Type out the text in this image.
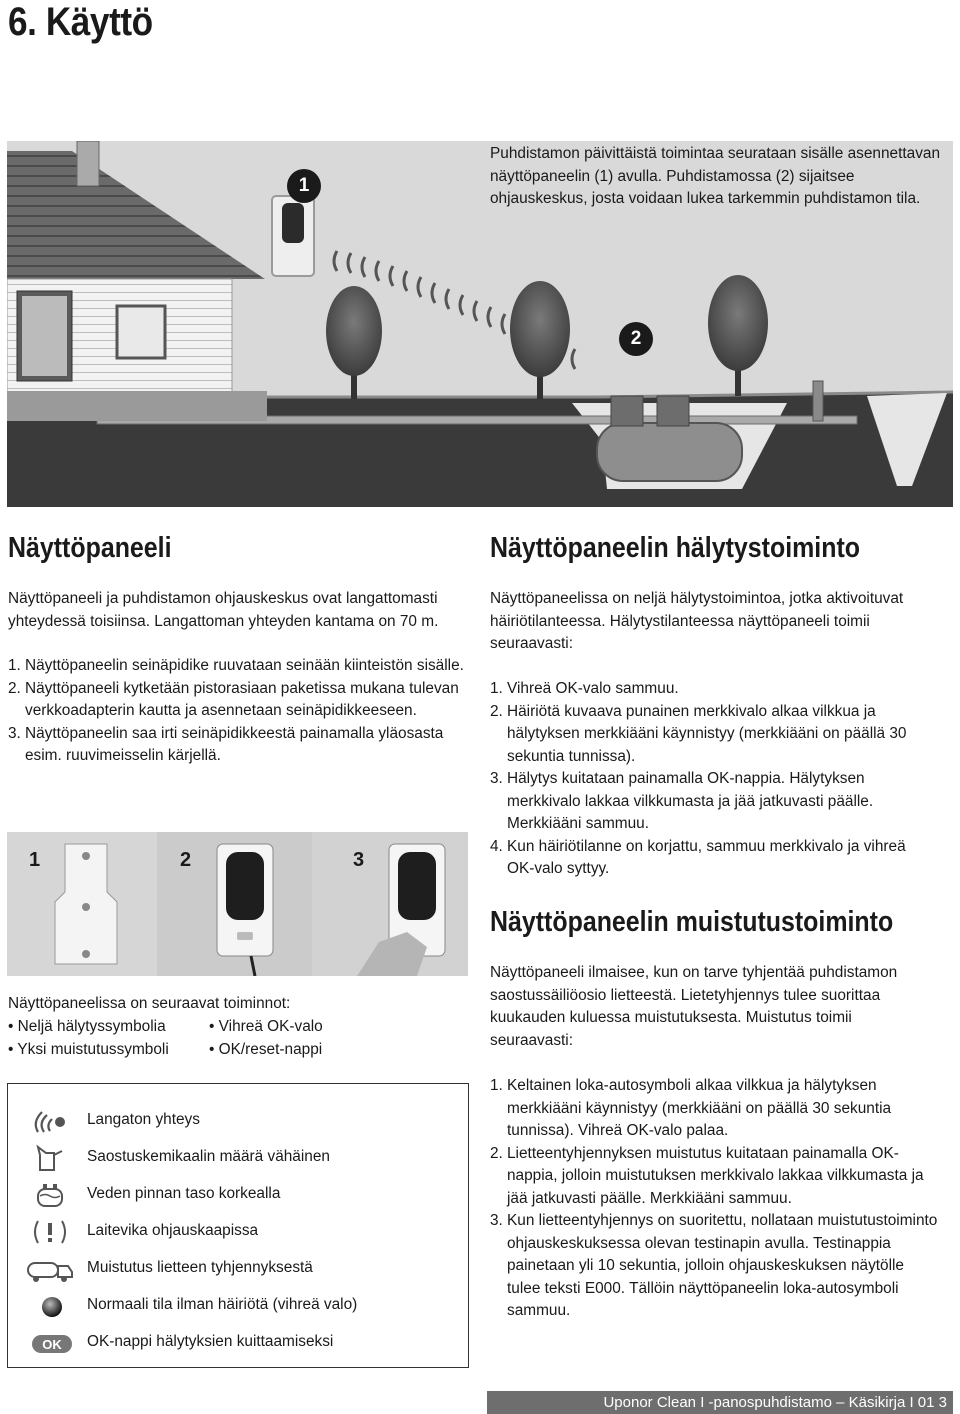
6. Käyttö
1
2
Puhdistamon päivittäistä toimintaa seurataan sisälle asennettavan näyttöpaneelin (1) avulla. Puhdistamossa (2) sijaitsee ohjauskeskus, josta voidaan lukea tarkemmin puhdistamon tila.
Näyttöpaneeli
Näyttöpaneeli ja puhdistamon ohjauskeskus ovat langattomasti yhteydessä toisiinsa. Langattoman yhteyden kantama on 70 m.
1. Näyttöpaneelin seinäpidike ruuvataan seinään kiinteistön sisälle.
2. Näyttöpaneeli kytketään pistorasiaan paketissa mukana tulevan verkkoadapterin kautta ja asennetaan seinäpidikkeeseen.
3. Näyttöpaneelin saa irti seinäpidikkeestä painamalla yläosasta esim. ruuvimeisselin kärjellä.
1	2	3
Näyttöpaneelissa on seuraavat toiminnot:
• Neljä hälytyssymbolia	• Vihreä OK-valo
• Yksi muistutussymboli	• OK/reset-nappi
Langaton yhteys
Saostuskemikaalin määrä vähäinen
Veden pinnan taso korkealla
Laitevika ohjauskaapissa
Muistutus lietteen tyhjennyksestä
Normaali tila ilman häiriötä (vihreä valo)
OK OK-nappi hälytyksien kuittaamiseksi
Näyttöpaneelin hälytystoiminto
Näyttöpaneelissa on neljä hälytystoimintoa, jotka aktivoituvat häiriötilanteessa. Hälytystilanteessa näyttöpaneeli toimii seuraavasti:
1. Vihreä OK-valo sammuu.
2. Häiriötä kuvaava punainen merkkivalo alkaa vilkkua ja hälytyksen merkkiääni käynnistyy (merkkiääni on päällä 30 sekuntia tunnissa).
3. Hälytys kuitataan painamalla OK-nappia. Hälytyksen merkkivalo lakkaa vilkkumasta ja jää jatkuvasti päälle. Merkkiääni sammuu.
4. Kun häiriötilanne on korjattu, sammuu merkkivalo ja vihreä OK-valo syttyy.
Näyttöpaneelin muistutustoiminto
Näyttöpaneeli ilmaisee, kun on tarve tyhjentää puhdistamon saostussäiliöosio lietteestä. Lietetyhjennys tulee suorittaa kuukauden kuluessa muistutuksesta. Muistutus toimii seuraavasti:
1. Keltainen loka-autosymboli alkaa vilkkua ja hälytyksen merkkiääni käynnistyy (merkkiääni on päällä 30 sekuntia tunnissa). Vihreä OK-valo palaa.
2. Lietteentyhjennyksen muistutus kuitataan painamalla OK-nappia, jolloin muistutuksen merkkivalo lakkaa vilkkumasta ja jää jatkuvasti päälle. Merkkiääni sammuu.
3. Kun lietteentyhjennys on suoritettu, nollataan muistutustoiminto ohjauskeskuksessa olevan testinapin avulla. Testinappia painetaan yli 10 sekuntia, jolloin ohjauskeskuksen näytölle tulee teksti E000. Tällöin näyttöpaneelin loka-autosymboli sammuu.
Uponor Clean I -panospuhdistamo – Käsikirja I 01 3
